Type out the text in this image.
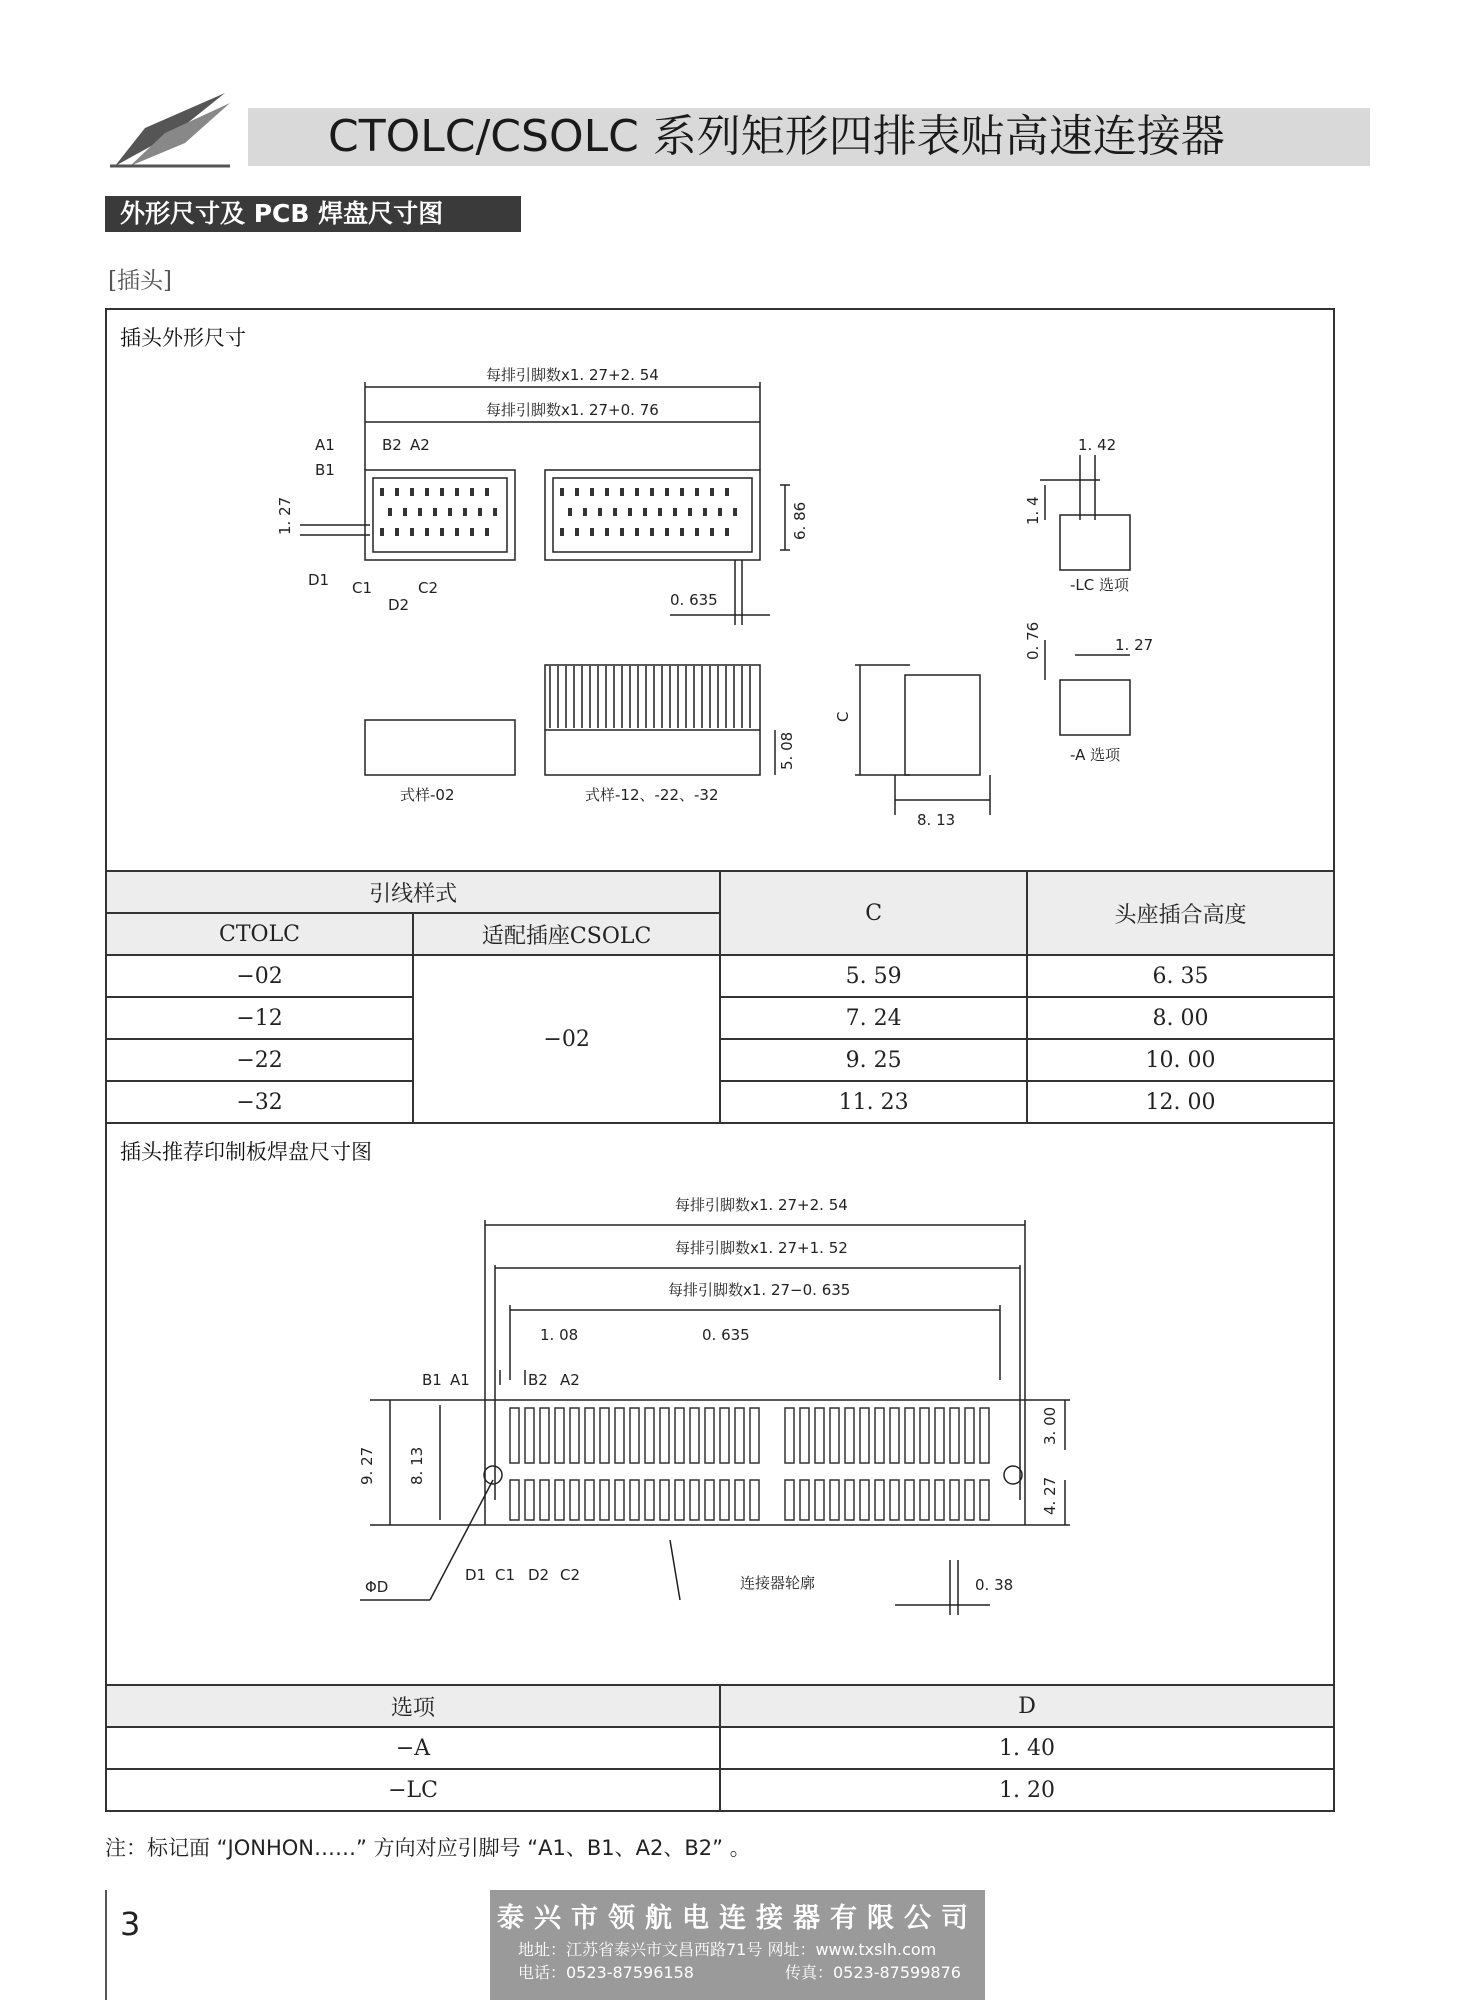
CTOLC/CSOLC 系列矩形四排表贴高速连接器
外形尺寸及 PCB 焊盘尺寸图
[插头]
插头外形尺寸
每排引脚数x1. 27+2. 54
每排引脚数x1. 27+0. 76
A1
B1
B2 A2
D1 C1	C2
D2
1. 27	6. 86
0. 635
1. 42
1. 4
-LC 选项
0. 76	1. 27
-A 选项
5. 08
式样-02	式样-12、-22、-32
C
8. 13
引线样式		C	头座插合高度
CTOLC	适配插座CSOLC		
−02	−02	5. 59	6. 35
−12		7. 24	8. 00
−22		9. 25	10. 00
−32		11. 23	12. 00
插头推荐印制板焊盘尺寸图
每排引脚数x1. 27+2. 54
每排引脚数x1. 27+1. 52
每排引脚数x1. 27−0. 635
1. 08	0. 635
9. 27 8. 13
3. 00
4. 27
0. 38
ΦD	连接器轮廓
B1 A1	B2 A2
D1 C1 D2 C2
选项	D
−A	1. 40
−LC	1. 20
注：标记面 “JONHON……” 方向对应引脚号 “A1、B1、A2、B2” 。
3	泰兴市领航电连接器有限公司
地址：江苏省泰兴市文昌西路71号 网址：www.txslh.com
电话：0523-87596158	传真：0523-87599876
